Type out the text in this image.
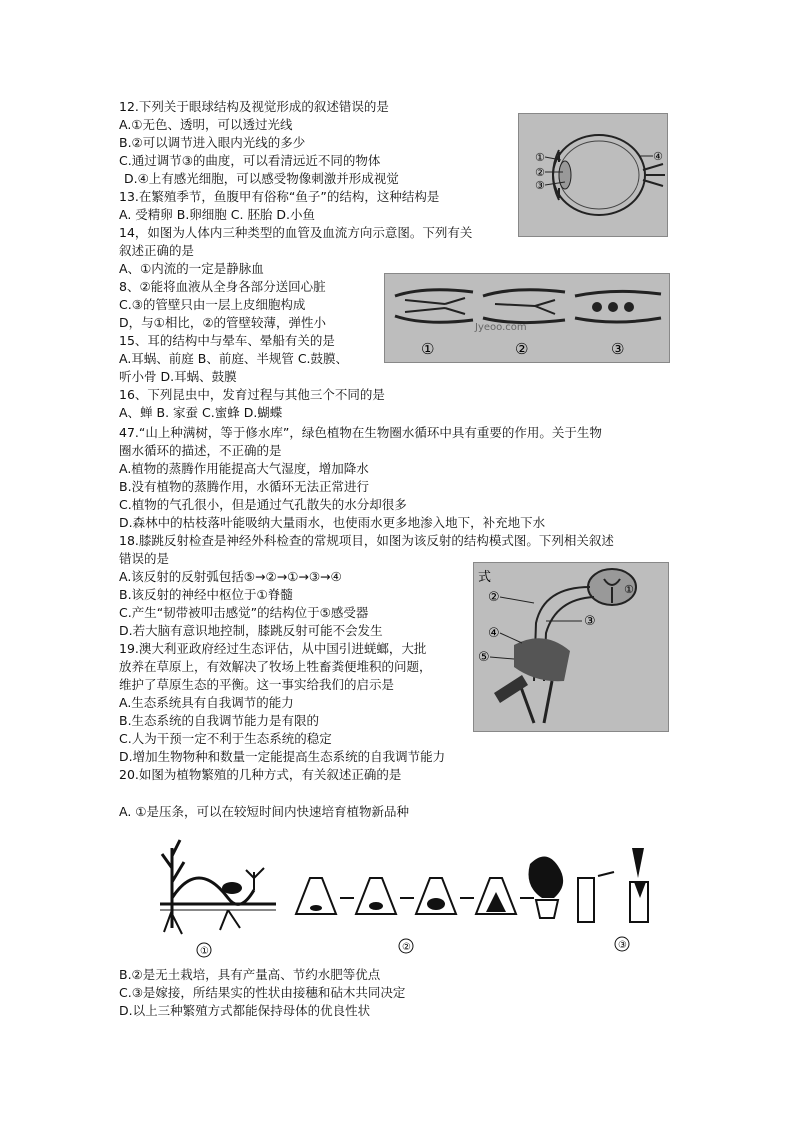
12.下列关于眼球结构及视觉形成的叙述错误的是
A.①无色、透明，可以透过光线
B.②可以调节进入眼内光线的多少
C.通过调节③的曲度，可以看清远近不同的物体
D.④上有感光细胞，可以感受物像刺激并形成视觉
①
②
③
④
13.在繁殖季节，鱼腹甲有俗称“鱼子”的结构，这种结构是
A. 受精卵 B.卵细胞 C. 胚胎 D.小鱼
14，如图为人体内三种类型的血管及血流方向示意图。下列有关
叙述正确的是
A、①内流的一定是静脉血
8、②能将血液从全身各部分送回心脏
C.③的管壁只由一层上皮细胞构成
D，与①相比，②的管壁较薄，弹性小	Jyeoo.com
①	②	③
15、耳的结构中与晕车、晕船有关的是
A.耳蜗、前庭 B、前庭、半规管 C.鼓膜、
听小骨 D.耳蜗、鼓膜
16、下列昆虫中，发育过程与其他三个不同的是
A、蝉 B. 家蚕 C.蜜蜂 D.蝴蝶
47.“山上种满树，等于修水库”，绿色植物在生物圈水循环中具有重要的作用。关于生物
圈水循环的描述，不正确的是
A.植物的蒸腾作用能提高大气湿度，增加降水
B.没有植物的蒸腾作用，水循环无法正常进行
C.植物的气孔很小，但是通过气孔散失的水分却很多
D.森林中的枯枝落叶能吸纳大量雨水，也使雨水更多地渗入地下，补充地下水
18.膝跳反射检查是神经外科检查的常规项目，如图为该反射的结构模式图。下列相关叙述
错误的是
A.该反射的反射弧包括⑤→②→①→③→④
B.该反射的神经中枢位于①脊髓
C.产生“韧带被叩击感觉”的结构位于⑤感受器
D.若大脑有意识地控制，膝跳反射可能不会发生
式
①
②
③
④
⑤
19.澳大利亚政府经过生态评估，从中国引进蜣螂，大批
放养在草原上，有效解决了牧场上牲畜粪便堆积的问题，
维护了草原生态的平衡。这一事实给我们的启示是
A.生态系统具有自我调节的能力
B.生态系统的自我调节能力是有限的
C.人为干预一定不利于生态系统的稳定
D.增加生物物种和数量一定能提高生态系统的自我调节能力
20.如图为植物繁殖的几种方式，有关叙述正确的是
A. ①是压条，可以在较短时间内快速培育植物新品种
①	②	③
B.②是无土栽培，具有产量高、节约水肥等优点
C.③是嫁接，所结果实的性状由接穗和砧木共同决定
D.以上三种繁殖方式都能保持母体的优良性状
